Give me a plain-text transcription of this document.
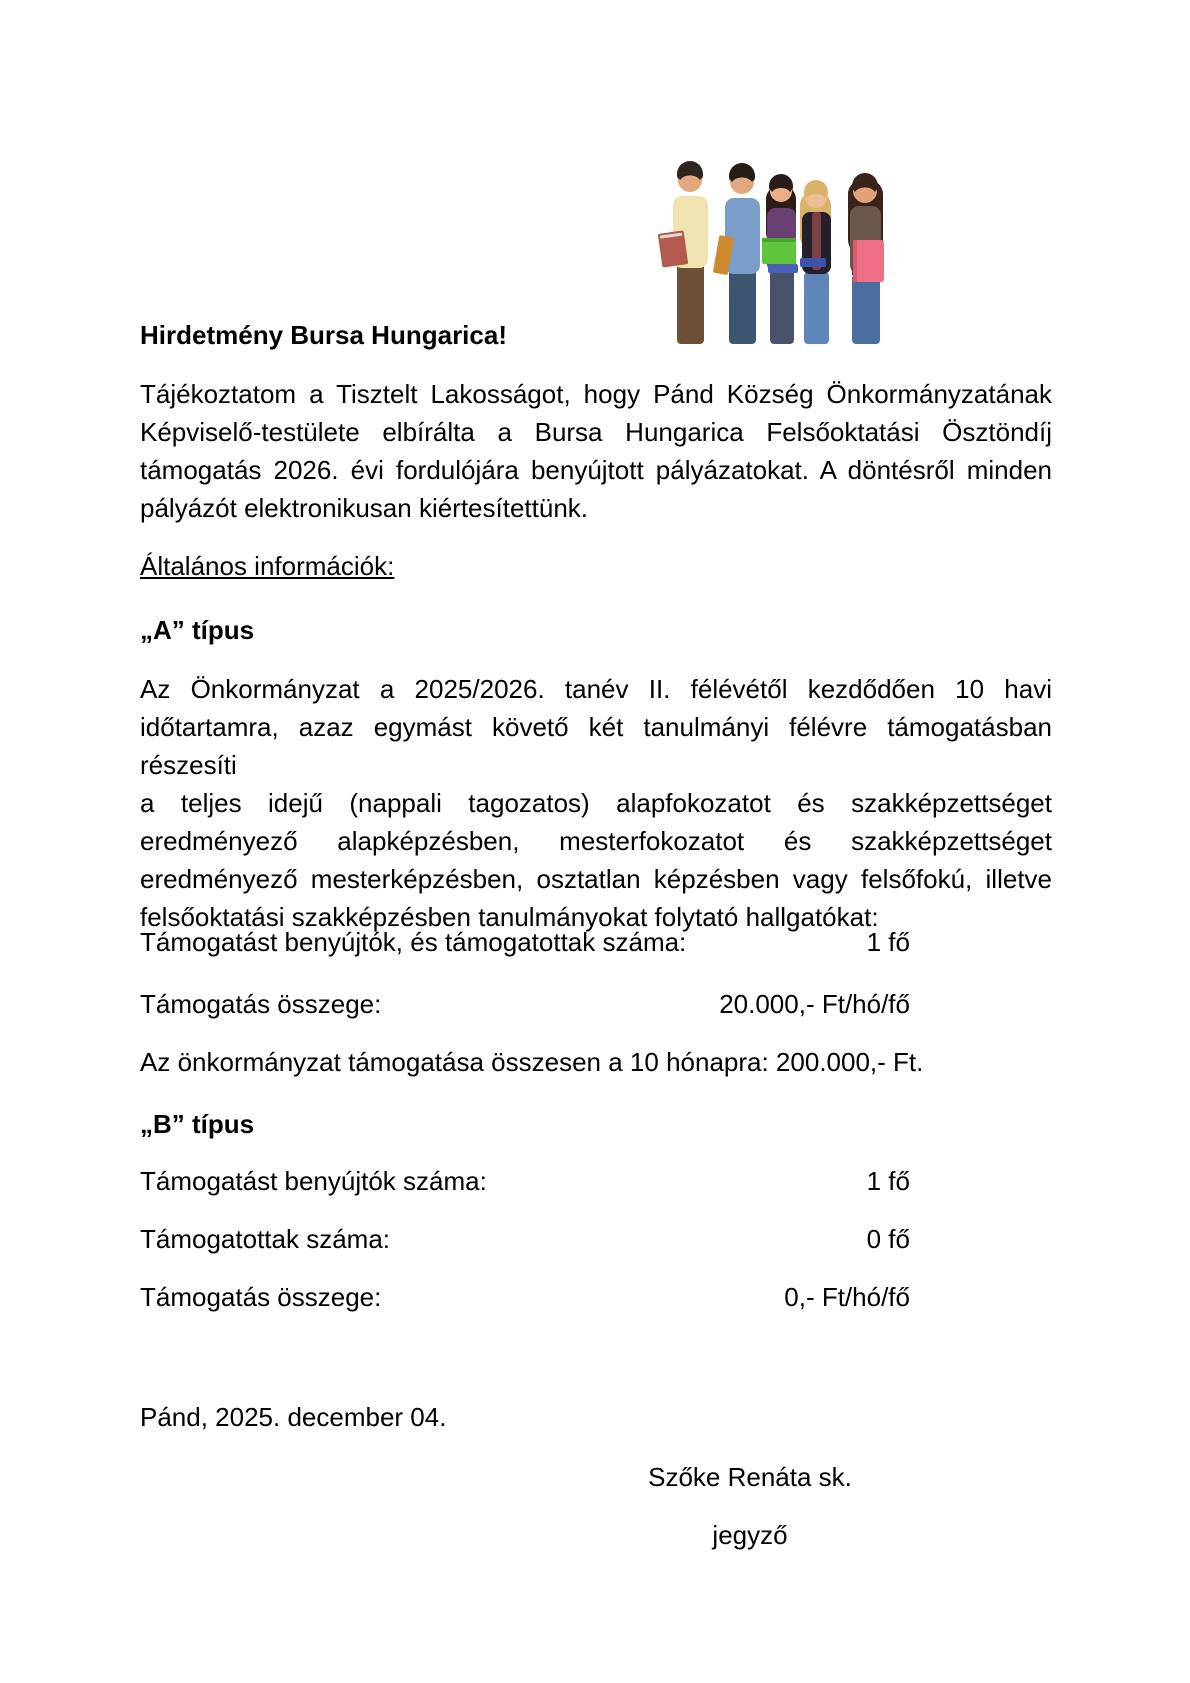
Hirdetmény Bursa Hungarica!
Tájékoztatom a Tisztelt Lakosságot, hogy Pánd Község Önkormányzatának
Képviselő-testülete elbírálta a Bursa Hungarica Felsőoktatási Ösztöndíj
támogatás 2026. évi fordulójára benyújtott pályázatokat. A döntésről minden
pályázót elektronikusan kiértesítettünk.
Általános információk:
„A” típus
Az Önkormányzat a 2025/2026. tanév II. félévétől kezdődően 10 havi
időtartamra, azaz egymást követő két tanulmányi félévre támogatásban részesíti
a teljes idejű (nappali tagozatos) alapfokozatot és szakképzettséget
eredményező alapképzésben, mesterfokozatot és szakképzettséget
eredményező mesterképzésben, osztatlan képzésben vagy felsőfokú, illetve
felsőoktatási szakképzésben tanulmányokat folytató hallgatókat:
Támogatást benyújtók, és támogatottak száma:	1 fő
Támogatás összege:	20.000,- Ft/hó/fő
Az önkormányzat támogatása összesen a 10 hónapra: 200.000,- Ft.
„B” típus
Támogatást benyújtók száma:	1 fő
Támogatottak száma:	0 fő
Támogatás összege:	0,- Ft/hó/fő
Pánd, 2025. december 04.
Szőke Renáta sk.
jegyző
